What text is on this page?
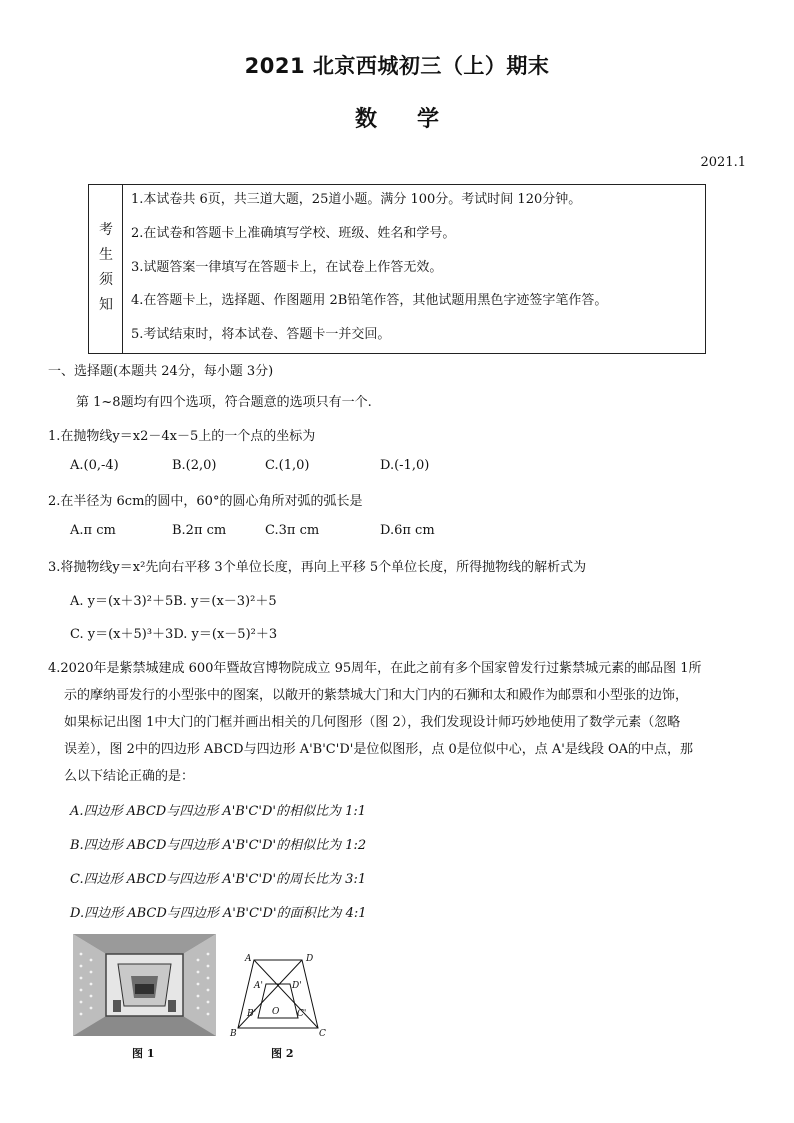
2021 北京西城初三（上）期末
数学
2021.1
考
生
须
知
1.本试卷共 6页，共三道大题，25道小题。满分 100分。考试时间 120分钟。
2.在试卷和答题卡上准确填写学校、班级、姓名和学号。
3.试题答案一律填写在答题卡上，在试卷上作答无效。
4.在答题卡上，选择题、作图题用 2B铅笔作答，其他试题用黑色字迹签字笔作答。
5.考试结束时，将本试卷、答题卡一并交回。
一、选择题(本题共 24分，每小题 3分)
第 1~8题均有四个选项，符合题意的选项只有一个.
1.在抛物线y＝x2－4x－5上的一个点的坐标为
A.(0,-4)	B.(2,0)	C.(1,0)	D.(-1,0)
2.在半径为 6cm的圆中，60°的圆心角所对弧的弧长是
A.π cm	B.2π cm	C.3π cm	D.6π cm
3.将抛物线y＝x²先向右平移 3个单位长度，再向上平移 5个单位长度，所得抛物线的解析式为
A. y＝(x＋3)²＋5B. y＝(x－3)²＋5
C. y＝(x＋5)³＋3D. y＝(x－5)²＋3
4.2020年是紫禁城建成 600年暨故宫博物院成立 95周年，在此之前有多个国家曾发行过紫禁城元素的邮品图 1所
示的摩纳哥发行的小型张中的图案，以敞开的紫禁城大门和大门内的石狮和太和殿作为邮票和小型张的边饰，
如果标记出图 1中大门的门框并画出相关的几何图形（图 2），我们发现设计师巧妙地使用了数学元素（忽略
误差），图 2中的四边形 ABCD与四边形 A'B'C'D'是位似图形，点 0是位似中心，点 A'是线段 OA的中点，那
么以下结论正确的是：
A.四边形 ABCD与四边形 A'B'C'D'的相似比为 1:1
B.四边形 ABCD与四边形 A'B'C'D'的相似比为 1:2
C.四边形 ABCD与四边形 A'B'C'D'的周长比为 3:1
D.四边形 ABCD与四边形 A'B'C'D'的面积比为 4:1
图 1
A	D
A'	D'
B'	C'
O
B	C
图 2
